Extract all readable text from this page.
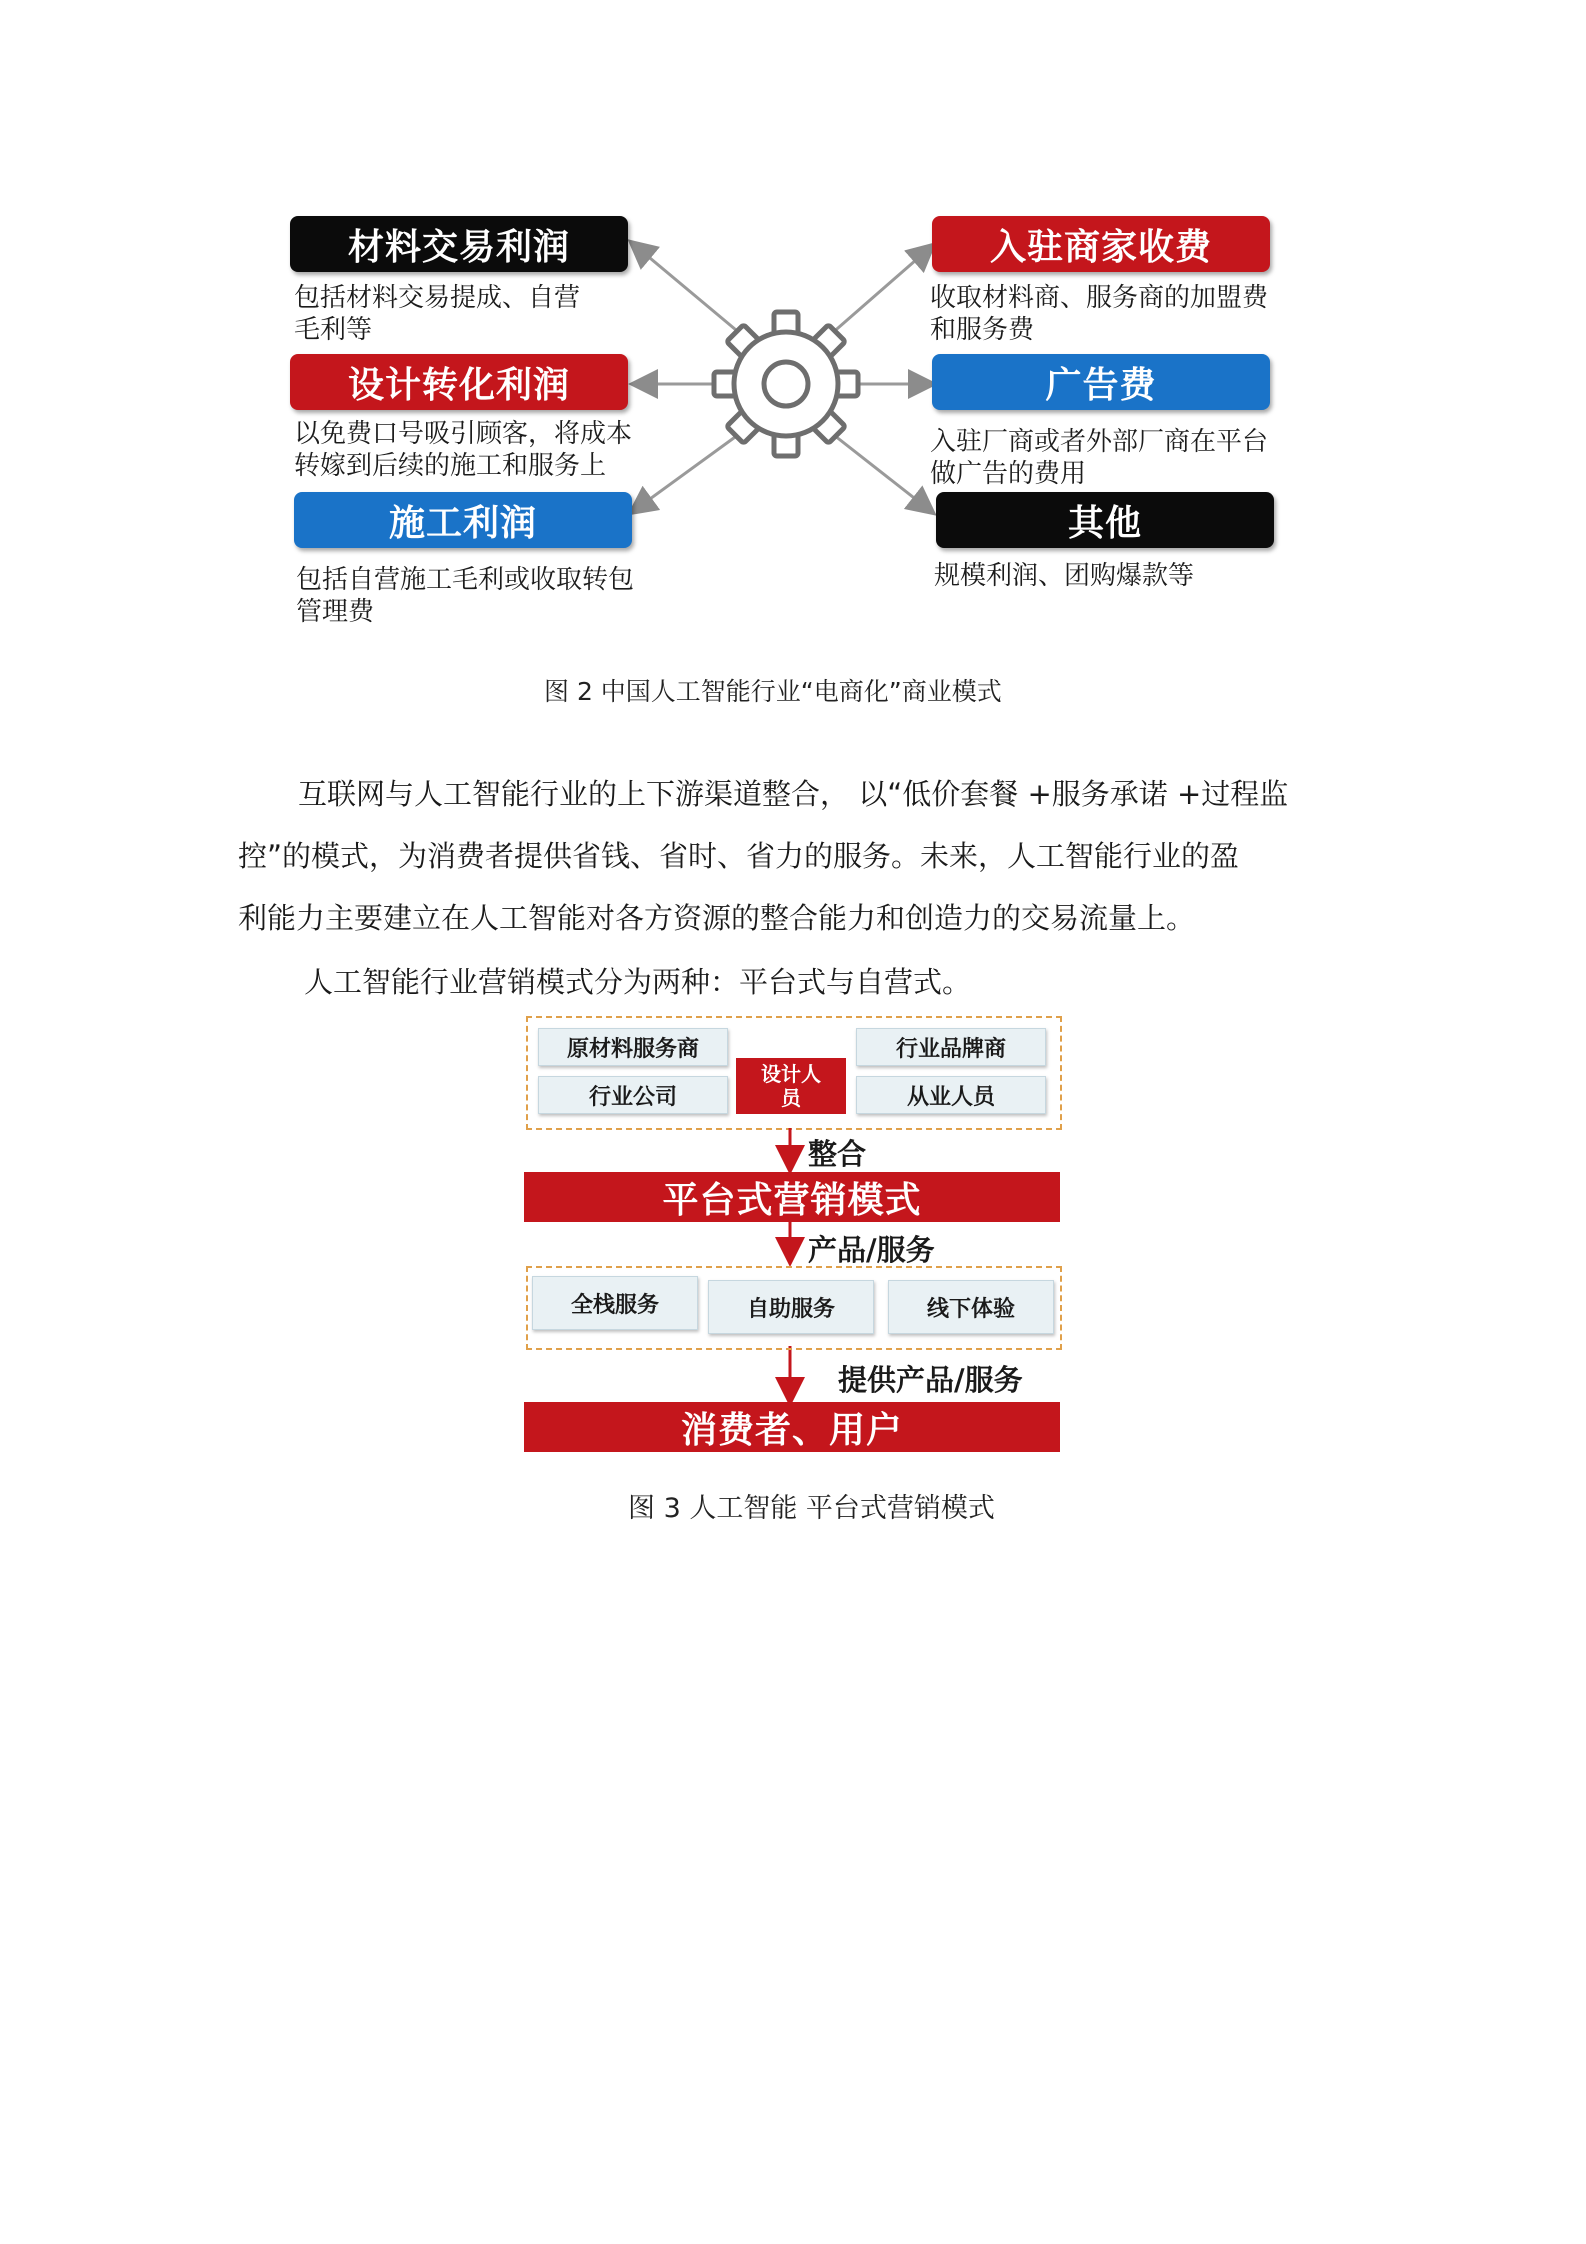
材料交易利润
包括材料交易提成、自营
毛利等
设计转化利润
以免费口号吸引顾客，将成本
转嫁到后续的施工和服务上
施工利润
包括自营施工毛利或收取转包
管理费
入驻商家收费
收取材料商、服务商的加盟费
和服务费
广告费
入驻厂商或者外部厂商在平台
做广告的费用
其他
规模利润、团购爆款等
图 2 中国人工智能行业“电商化”商业模式
互联网与人工智能行业的上下游渠道整合， 以“低价套餐 +服务承诺 +过程监
控”的模式，为消费者提供省钱、省时、省力的服务。未来，人工智能行业的盈
利能力主要建立在人工智能对各方资源的整合能力和创造力的交易流量上。
人工智能行业营销模式分为两种：平台式与自营式。
原材料服务商
行业公司
设计人
员
行业品牌商
从业人员
整合
平台式营销模式
产品/服务
全栈服务	自助服务	线下体验
提供产品/服务
消费者、用户
图 3 人工智能 平台式营销模式
